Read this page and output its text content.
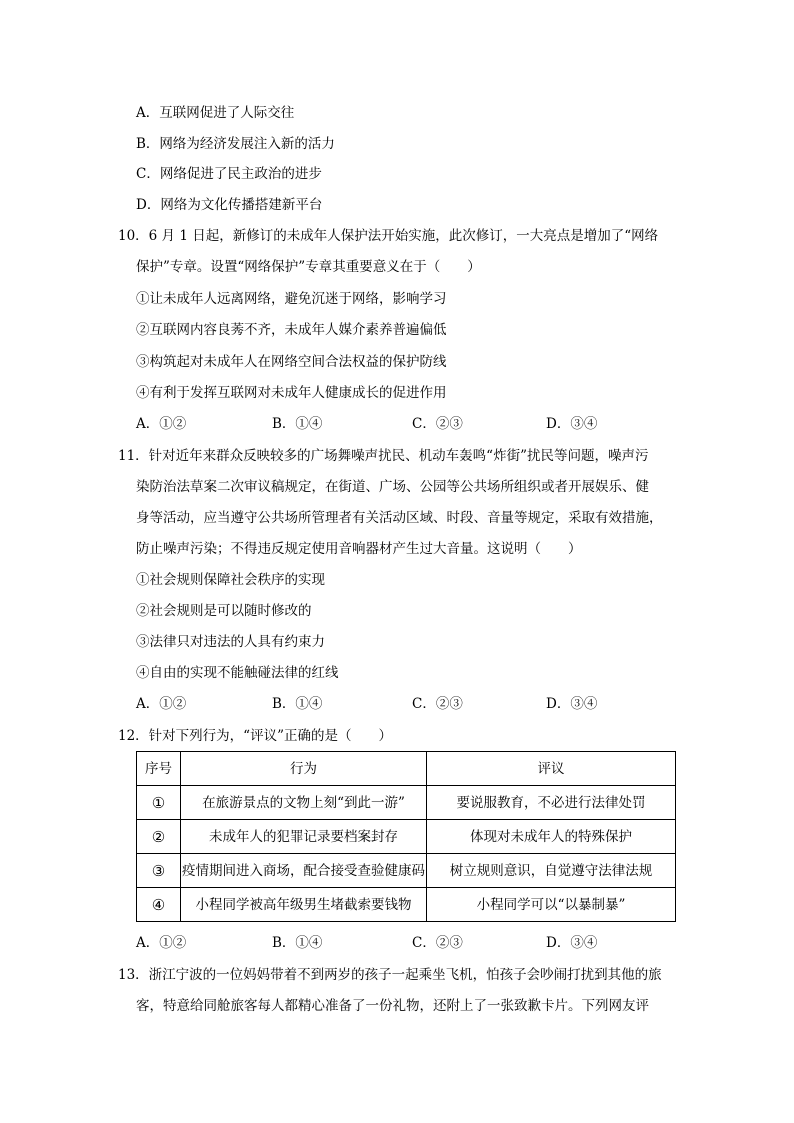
A．互联网促进了人际交往
B．网络为经济发展注入新的活力
C．网络促进了民主政治的进步
D．网络为文化传播搭建新平台
10．6 月 1 日起，新修订的未成年人保护法开始实施，此次修订，一大亮点是增加了“网络
保护”专章。设置“网络保护”专章其重要意义在于（　　）
①让未成年人远离网络，避免沉迷于网络，影响学习
②互联网内容良莠不齐，未成年人媒介素养普遍偏低
③构筑起对未成年人在网络空间合法权益的保护防线
④有利于发挥互联网对未成年人健康成长的促进作用
A．①②	B．①④	C．②③	D．③④
11．针对近年来群众反映较多的广场舞噪声扰民、机动车轰鸣“炸街”扰民等问题，噪声污
染防治法草案二次审议稿规定，在街道、广场、公园等公共场所组织或者开展娱乐、健
身等活动，应当遵守公共场所管理者有关活动区域、时段、音量等规定，采取有效措施，
防止噪声污染；不得违反规定使用音响器材产生过大音量。这说明（　　）
①社会规则保障社会秩序的实现
②社会规则是可以随时修改的
③法律只对违法的人具有约束力
④自由的实现不能触碰法律的红线
A．①②	B．①④	C．②③	D．③④
12．针对下列行为，“评议”正确的是（　　）
序号	行为	评议
①	在旅游景点的文物上刻“到此一游”	要说服教育，不必进行法律处罚
②	未成年人的犯罪记录要档案封存	体现对未成年人的特殊保护
③	疫情期间进入商场，配合接受查验健康码	树立规则意识，自觉遵守法律法规
④	小程同学被高年级男生堵截索要钱物	小程同学可以“以暴制暴”
A．①②	B．①④	C．②③	D．③④
13．浙江宁波的一位妈妈带着不到两岁的孩子一起乘坐飞机，怕孩子会吵闹打扰到其他的旅
客，特意给同舱旅客每人都精心准备了一份礼物，还附上了一张致歉卡片。下列网友评
